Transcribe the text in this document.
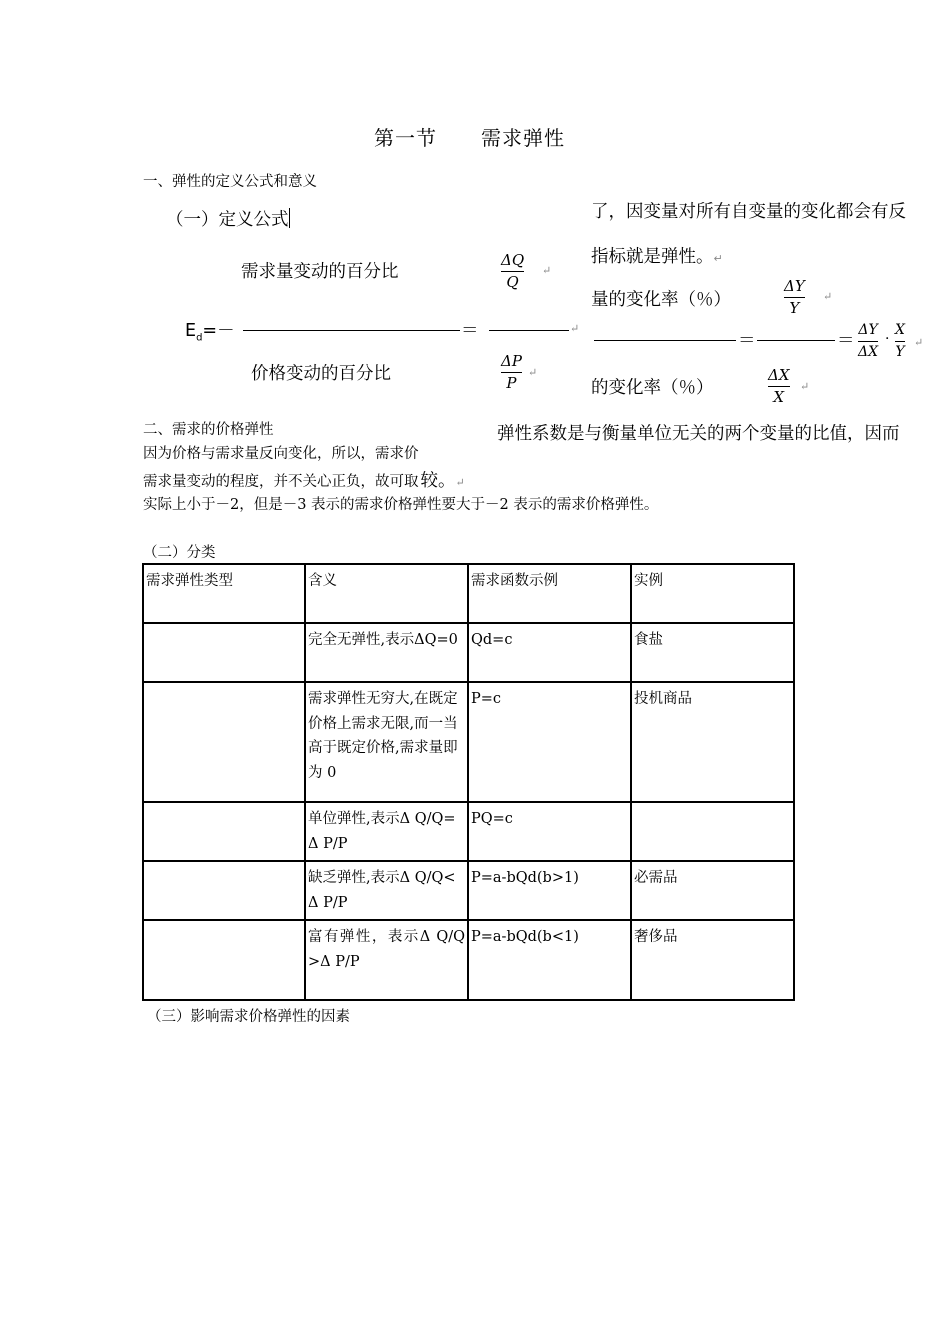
第一节 需求弹性
一、弹性的定义公式和意义
（一）定义公式
需求量变动的百分比
价格变动的百分比
$E_d=-$	＝	↵
ΔQ
Q
↵
ΔP
P
↵
了，因变量对所有自变量的变化都会有反
指标就是弹性。↵
量的变化率（％）
ΔY
Y
↵
＝	＝
ΔY
ΔX
·
X
Y
↵
的变化率（％）
ΔX
X
↵
二、需求的价格弹性	弹性系数是与衡量单位无关的两个变量的比值，因而
因为价格与需求量反向变化，所以，需求价
需求量变动的程度，并不关心正负，故可取 较。↵
实际上小于－2，但是－3 表示的需求价格弹性要大于－2 表示的需求价格弹性。
（二）分类
需求弹性类型	含义	需求函数示例	实例
	完全无弹性,表示ΔQ=0	Qd=c	食盐
	需求弹性无穷大,在既定价格上需求无限,而一当高于既定价格,需求量即为 0	P=c	投机商品
	单位弹性,表示Δ Q/Q=Δ P/P	PQ=c	
	缺乏弹性,表示Δ Q/Q<Δ P/P	P=a-bQd(b>1)	必需品
	富有弹性，表示Δ Q/Q>Δ P/P	P=a-bQd(b<1)	奢侈品
（三）影响需求价格弹性的因素
